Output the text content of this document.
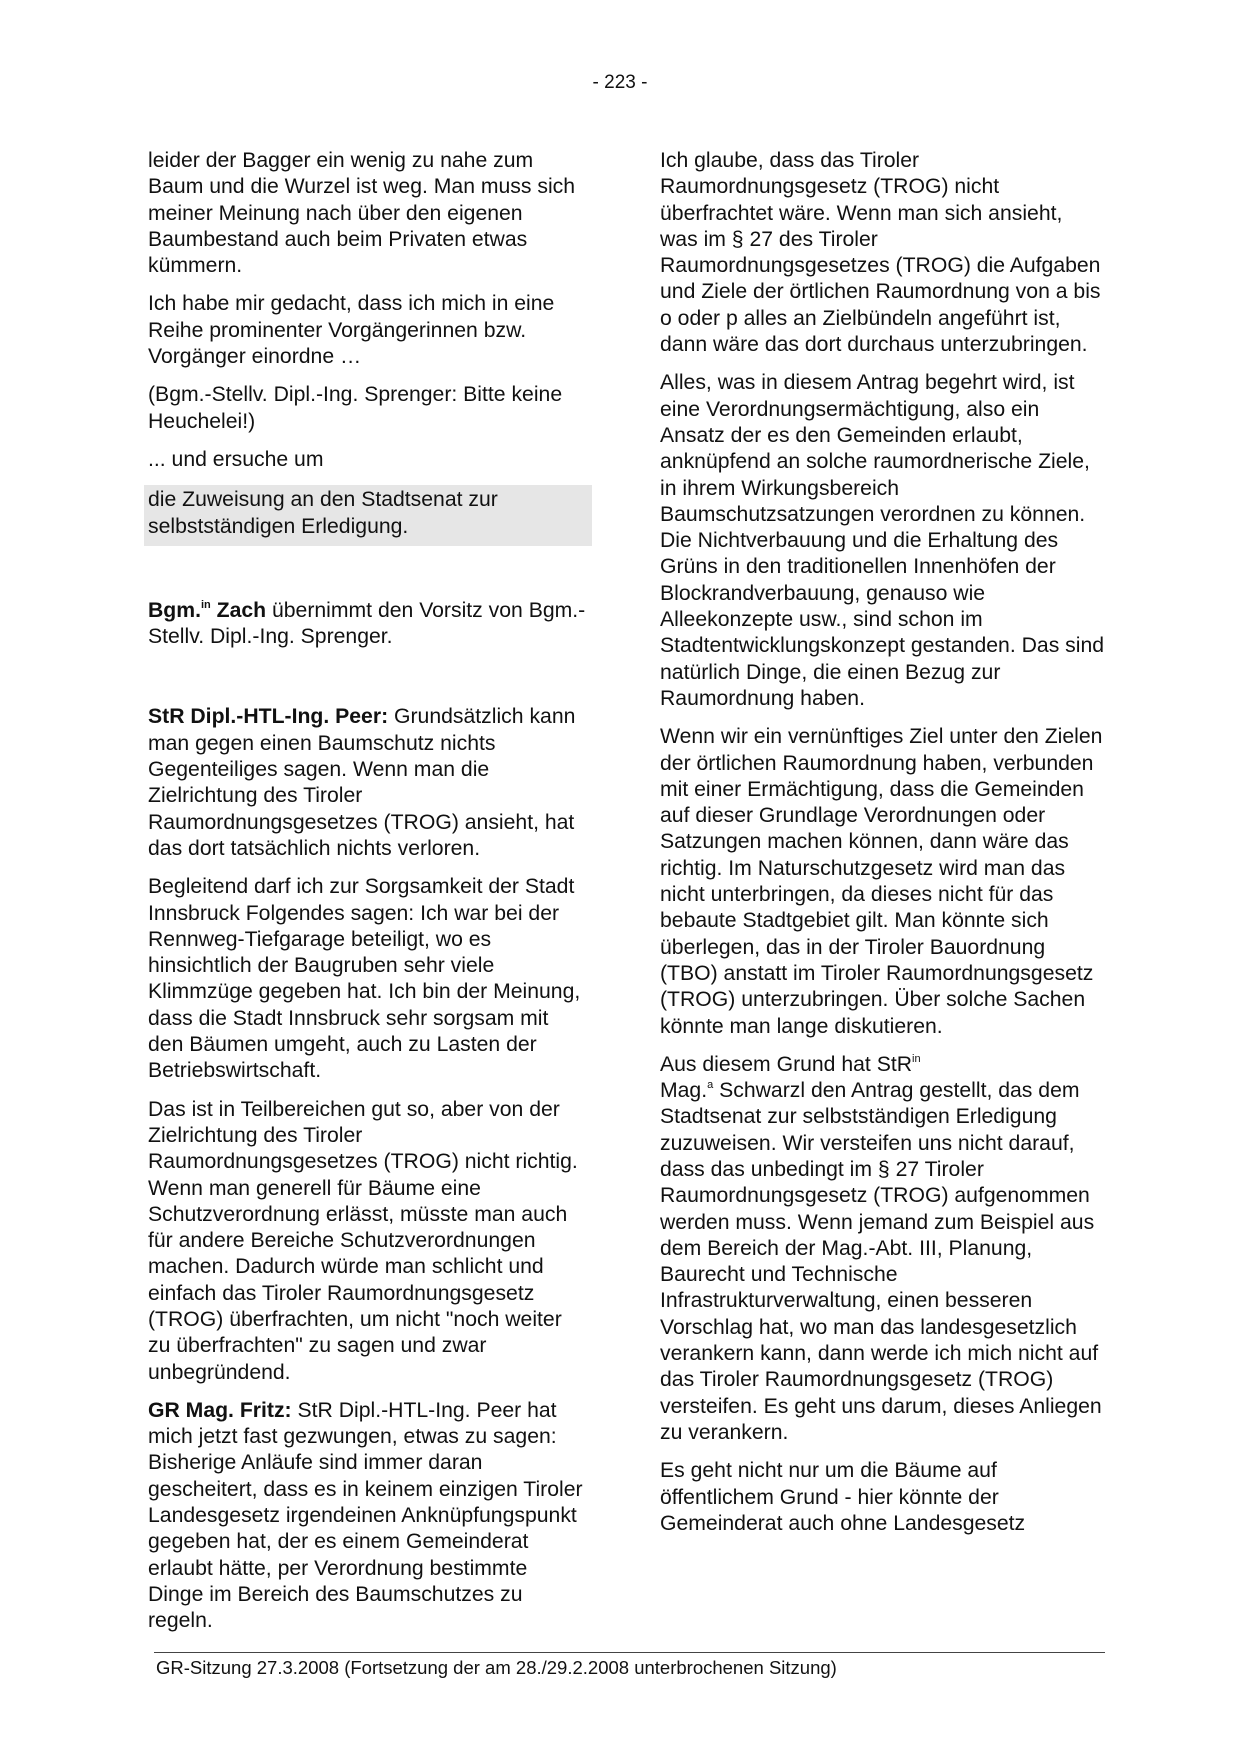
- 223 -

leider der Bagger ein wenig zu nahe zum Baum und die Wurzel ist weg. Man muss sich meiner Meinung nach über den eigenen Baumbestand auch beim Privaten etwas kümmern.

Ich habe mir gedacht, dass ich mich in eine Reihe prominenter Vorgängerinnen bzw. Vorgänger einordne …

(Bgm.-Stellv. Dipl.-Ing. Sprenger: Bitte keine Heuchelei!)

... und ersuche um

die Zuweisung an den Stadtsenat zur selbstständigen Erledigung.

Bgm.$^{in}$ Zach übernimmt den Vorsitz von Bgm.-Stellv. Dipl.-Ing. Sprenger.

StR Dipl.-HTL-Ing. Peer: Grundsätzlich kann man gegen einen Baumschutz nichts Gegenteiliges sagen. Wenn man die Zielrichtung des Tiroler Raumordnungsgesetzes (TROG) ansieht, hat das dort tatsächlich nichts verloren.

Begleitend darf ich zur Sorgsamkeit der Stadt Innsbruck Folgendes sagen: Ich war bei der Rennweg-Tiefgarage beteiligt, wo es hinsichtlich der Baugruben sehr viele Klimmzüge gegeben hat. Ich bin der Meinung, dass die Stadt Innsbruck sehr sorgsam mit den Bäumen umgeht, auch zu Lasten der Betriebswirtschaft.

Das ist in Teilbereichen gut so, aber von der Zielrichtung des Tiroler Raumordnungsgesetzes (TROG) nicht richtig. Wenn man generell für Bäume eine Schutzverordnung erlässt, müsste man auch für andere Bereiche Schutzverordnungen machen. Dadurch würde man schlicht und einfach das Tiroler Raumordnungsgesetz (TROG) überfrachten, um nicht "noch weiter zu überfrachten" zu sagen und zwar unbegründend.

GR Mag. Fritz: StR Dipl.-HTL-Ing. Peer hat mich jetzt fast gezwungen, etwas zu sagen: Bisherige Anläufe sind immer daran gescheitert, dass es in keinem einzigen Tiroler Landesgesetz irgendeinen Anknüpfungspunkt gegeben hat, der es einem Gemeinderat erlaubt hätte, per Verordnung bestimmte Dinge im Bereich des Baumschutzes zu regeln.

Ich glaube, dass das Tiroler Raumordnungsgesetz (TROG) nicht überfrachtet wäre. Wenn man sich ansieht, was im § 27 des Tiroler Raumordnungsgesetzes (TROG) die Aufgaben und Ziele der örtlichen Raumordnung von a bis o oder p alles an Zielbündeln angeführt ist, dann wäre das dort durchaus unterzubringen.

Alles, was in diesem Antrag begehrt wird, ist eine Verordnungsermächtigung, also ein Ansatz der es den Gemeinden erlaubt, anknüpfend an solche raumordnerische Ziele, in ihrem Wirkungsbereich Baumschutzsatzungen verordnen zu können. Die Nichtverbauung und die Erhaltung des Grüns in den traditionellen Innenhöfen der Blockrandverbauung, genauso wie Alleekonzepte usw., sind schon im Stadtentwicklungskonzept gestanden. Das sind natürlich Dinge, die einen Bezug zur Raumordnung haben.

Wenn wir ein vernünftiges Ziel unter den Zielen der örtlichen Raumordnung haben, verbunden mit einer Ermächtigung, dass die Gemeinden auf dieser Grundlage Verordnungen oder Satzungen machen können, dann wäre das richtig. Im Naturschutzgesetz wird man das nicht unterbringen, da dieses nicht für das bebaute Stadtgebiet gilt. Man könnte sich überlegen, das in der Tiroler Bauordnung (TBO) anstatt im Tiroler Raumordnungsgesetz (TROG) unterzubringen. Über solche Sachen könnte man lange diskutieren.

Aus diesem Grund hat StR$^{in}$
Mag.$^a$ Schwarzl den Antrag gestellt, das dem Stadtsenat zur selbstständigen Erledigung zuzuweisen. Wir versteifen uns nicht darauf, dass das unbedingt im § 27 Tiroler Raumordnungsgesetz (TROG) aufgenommen werden muss. Wenn jemand zum Beispiel aus dem Bereich der Mag.-Abt. III, Planung, Baurecht und Technische Infrastrukturverwaltung, einen besseren Vorschlag hat, wo man das landesgesetzlich verankern kann, dann werde ich mich nicht auf das Tiroler Raumordnungsgesetz (TROG) versteifen. Es geht uns darum, dieses Anliegen zu verankern.

Es geht nicht nur um die Bäume auf öffentlichem Grund - hier könnte der Gemeinderat auch ohne Landesgesetz

GR-Sitzung 27.3.2008 (Fortsetzung der am 28./29.2.2008 unterbrochenen Sitzung)
